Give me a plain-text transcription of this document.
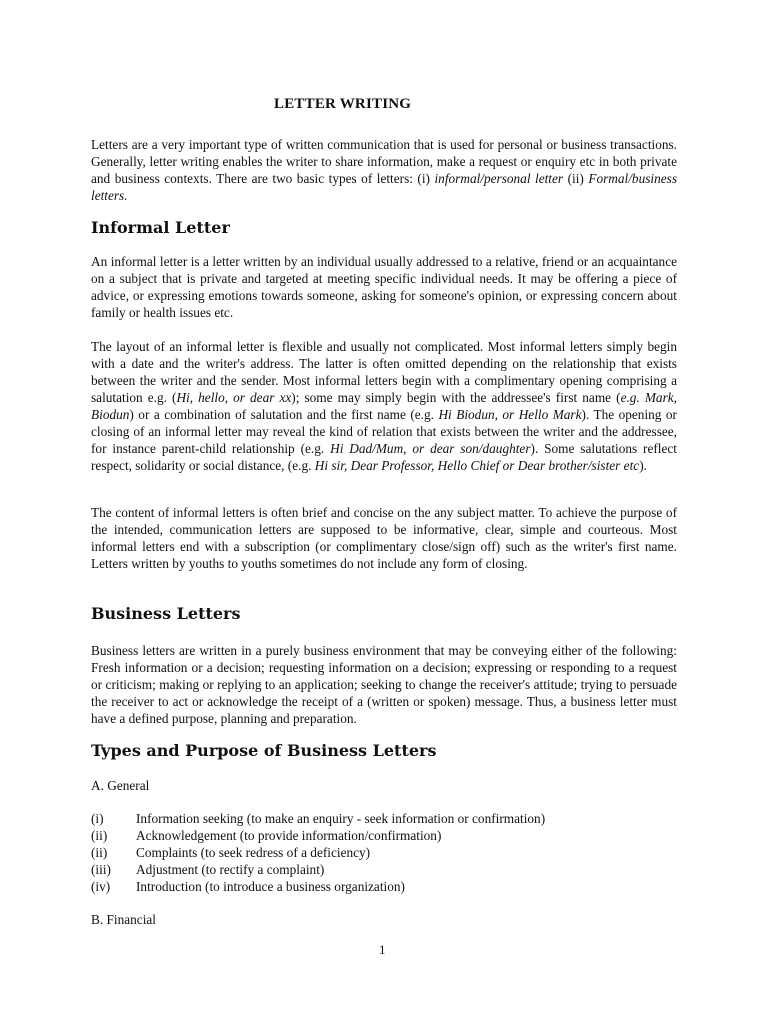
LETTER WRITING

Letters are a very important type of written communication that is used for personal or business transactions. Generally, letter writing enables the writer to share information, make a request or enquiry etc in both private and business contexts. There are two basic types of letters: (i) informal/personal letter (ii) Formal/business letters.

Informal Letter

An informal letter is a letter written by an individual usually addressed to a relative, friend or an acquaintance on a subject that is private and targeted at meeting specific individual needs. It may be offering a piece of advice, or expressing emotions towards someone, asking for someone's opinion, or expressing concern about family or health issues etc.

The layout of an informal letter is flexible and usually not complicated. Most informal letters simply begin with a date and the writer's address. The latter is often omitted depending on the relationship that exists between the writer and the sender. Most informal letters begin with a complimentary opening comprising a salutation e.g. (Hi, hello, or dear xx); some may simply begin with the addressee's first name (e.g. Mark, Biodun) or a combination of salutation and the first name (e.g. Hi Biodun, or Hello Mark). The opening or closing of an informal letter may reveal the kind of relation that exists between the writer and the addressee, for instance parent-child relationship (e.g. Hi Dad/Mum, or dear son/daughter). Some salutations reflect respect, solidarity or social distance, (e.g. Hi sir, Dear Professor, Hello Chief or Dear brother/sister etc).

The content of informal letters is often brief and concise on the any subject matter. To achieve the purpose of the intended, communication letters are supposed to be informative, clear, simple and courteous. Most informal letters end with a subscription (or complimentary close/sign off) such as the writer's first name. Letters written by youths to youths sometimes do not include any form of closing.

Business Letters

Business letters are written in a purely business environment that may be conveying either of the following: Fresh information or a decision; requesting information on a decision; expressing or responding to a request or criticism; making or replying to an application; seeking to change the receiver's attitude; trying to persuade the receiver to act or acknowledge the receipt of a (written or spoken) message. Thus, a business letter must have a defined purpose, planning and preparation.

Types and Purpose of Business Letters

A. General

(i) Information seeking (to make an enquiry - seek information or confirmation)
(ii) Acknowledgement (to provide information/confirmation)
(ii) Complaints (to seek redress of a deficiency)
(iii) Adjustment (to rectify a complaint)
(iv) Introduction (to introduce a business organization)

B. Financial

1
